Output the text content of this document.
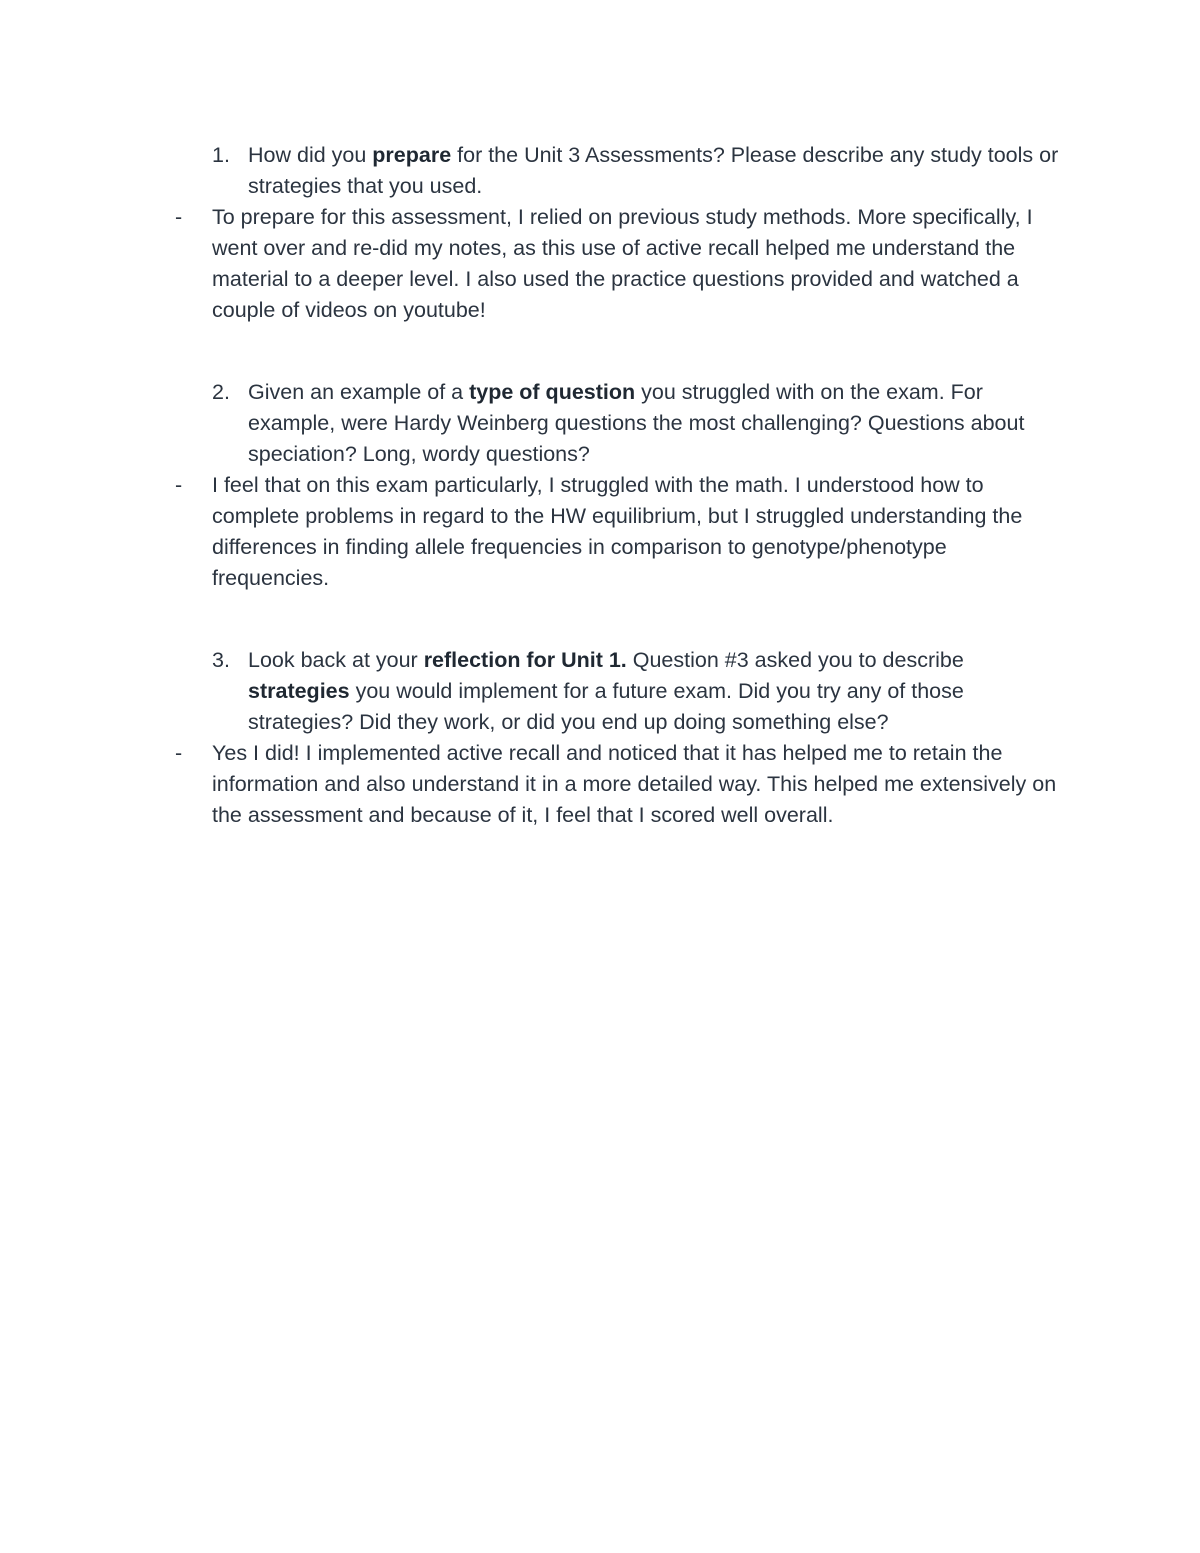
1. How did you prepare for the Unit 3 Assessments? Please describe any study tools or strategies that you used.
- To prepare for this assessment, I relied on previous study methods. More specifically, I went over and re-did my notes, as this use of active recall helped me understand the material to a deeper level. I also used the practice questions provided and watched a couple of videos on youtube!
2. Given an example of a type of question you struggled with on the exam. For example, were Hardy Weinberg questions the most challenging? Questions about speciation? Long, wordy questions?
- I feel that on this exam particularly, I struggled with the math. I understood how to complete problems in regard to the HW equilibrium, but I struggled understanding the differences in finding allele frequencies in comparison to genotype/phenotype frequencies.
3. Look back at your reflection for Unit 1. Question #3 asked you to describe strategies you would implement for a future exam. Did you try any of those strategies? Did they work, or did you end up doing something else?
- Yes I did! I implemented active recall and noticed that it has helped me to retain the information and also understand it in a more detailed way. This helped me extensively on the assessment and because of it, I feel that I scored well overall.
